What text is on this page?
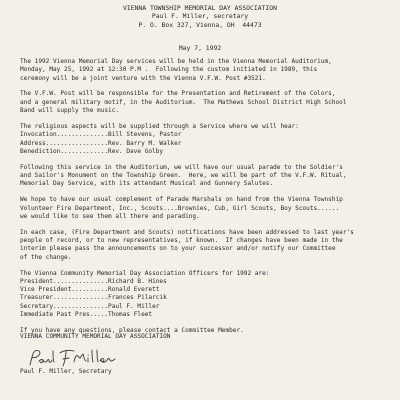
VIENNA TOWNSHIP MEMORIAL DAY ASSOCIATION
Paul F. Miller, secretary
P. O. Box 327, Vienna, OH  44473
May 7, 1992
The 1992 Vienna Memorial Day services will be held in the Vienna Memorial Auditorium,
Monday, May 25, 1992 at 12:30 P.M .  Following the custom initiated in 1989, this
ceremony will be a joint venture with the Vienna V.F.W. Post #3521.
The V.F.W. Post will be responsible for the Presentation and Retirement of the Colors,
and a general military motif, in the Auditorium.  The Mathews School District High School
Band will supply the music.
The religious aspects will be supplied through a Service where we will hear:
Invocation..............Bill Stevens, Pastor
Address.................Rev. Barry M. Walker
Benediction.............Rev. Dave Golby
Following this service in the Auditorium, we will have our usual parade to the Soldier's
and Sailor's Monument on the Township Green.  Here, we will be part of the V.F.W. Ritual,
Memorial Day Service, with its attendant Musical and Gunnery Salutes.
We hope to have our usual complement of Parade Marshals on hand from the Vienna Township
Volunteer Fire Department, Inc., Scouts....Brownies, Cub, Girl Scouts, Boy Scouts......
we would like to see them all there and parading.
In each case, (Fire Department and Scouts) notifications have been addressed to last year's
people of record, or to new representatives, if known.  If changes have been made in the
interim please pass the announcements on to your successor and/or notify our Committee
of the change.
The Vienna Community Memorial Day Association Officers for 1992 are:
President...............Richard B. Hines
Vice President..........Ronald Everett
Treasurer...............Frances Pilarcik
Secretary...............Paul F. Miller
Immediate Past Pres.....Thomas Fleet
If you have any questions, please contact a Committee Member.
VIENNA COMMUNITY MEMORIAL DAY ASSOCIATION
Paul F. Miller, Secretary
